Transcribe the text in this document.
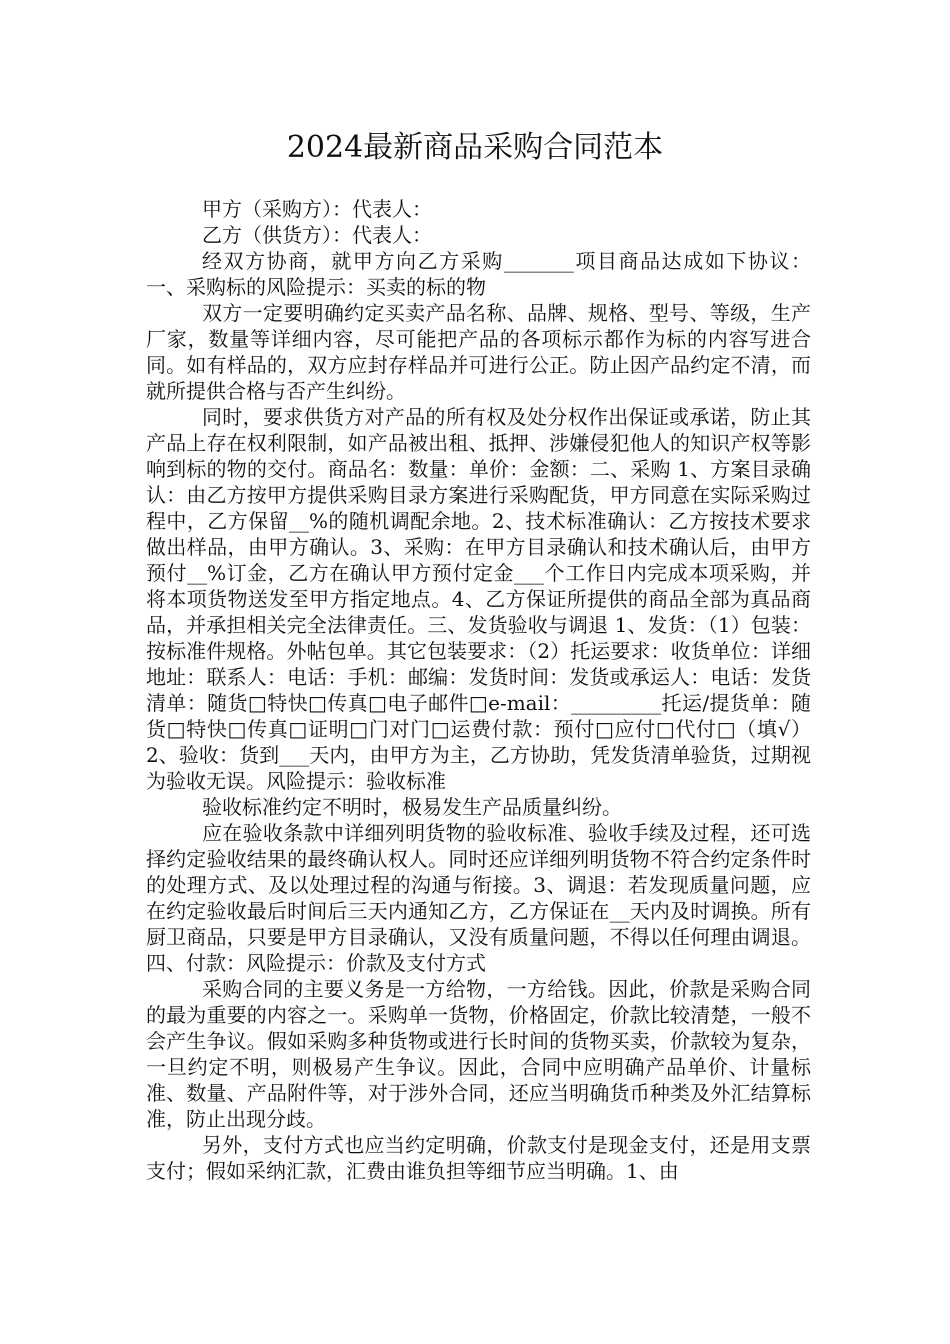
2024最新商品采购合同范本

甲方（采购方）：代表人：

乙方（供货方）：代表人：

经双方协商，就甲方向乙方采购_______项目商品达成如下协议：一、采购标的风险提示：买卖的标的物

双方一定要明确约定买卖产品名称、品牌、规格、型号、等级，生产厂家，数量等详细内容，尽可能把产品的各项标示都作为标的内容写进合同。如有样品的，双方应封存样品并可进行公正。防止因产品约定不清，而就所提供合格与否产生纠纷。

同时，要求供货方对产品的所有权及处分权作出保证或承诺，防止其产品上存在权利限制，如产品被出租、抵押、涉嫌侵犯他人的知识产权等影响到标的物的交付。商品名：数量：单价：金额：二、采购 1、方案目录确认：由乙方按甲方提供采购目录方案进行采购配货，甲方同意在实际采购过程中，乙方保留__%的随机调配余地。2、技术标准确认：乙方按技术要求做出样品，由甲方确认。3、采购：在甲方目录确认和技术确认后，由甲方预付__%订金，乙方在确认甲方预付定金___个工作日内完成本项采购，并将本项货物送发至甲方指定地点。4、乙方保证所提供的商品全部为真品商品，并承担相关完全法律责任。三、发货验收与调退 1、发货：（1）包装：按标准件规格。外帖包单。其它包装要求：（2）托运要求：收货单位：详细地址：联系人：电话：手机：邮编：发货时间：发货或承运人：电话：发货清单：随货□特快□传真□电子邮件□e-mail：_________托运/提货单：随货□特快□传真□证明□门对门□运费付款：预付□应付□代付□（填√）2、验收：货到___天内，由甲方为主，乙方协助，凭发货清单验货，过期视为验收无误。风险提示：验收标准

验收标准约定不明时，极易发生产品质量纠纷。

应在验收条款中详细列明货物的验收标准、验收手续及过程，还可选择约定验收结果的最终确认权人。同时还应详细列明货物不符合约定条件时的处理方式、及以处理过程的沟通与衔接。3、调退：若发现质量问题，应在约定验收最后时间后三天内通知乙方，乙方保证在__天内及时调换。所有厨卫商品，只要是甲方目录确认，又没有质量问题，不得以任何理由调退。四、付款：风险提示：价款及支付方式

采购合同的主要义务是一方给物，一方给钱。因此，价款是采购合同的最为重要的内容之一。采购单一货物，价格固定，价款比较清楚，一般不会产生争议。假如采购多种货物或进行长时间的货物买卖，价款较为复杂，一旦约定不明，则极易产生争议。因此，合同中应明确产品单价、计量标准、数量、产品附件等，对于涉外合同，还应当明确货币种类及外汇结算标准，防止出现分歧。

另外，支付方式也应当约定明确，价款支付是现金支付，还是用支票支付；假如采纳汇款，汇费由谁负担等细节应当明确。1、由
